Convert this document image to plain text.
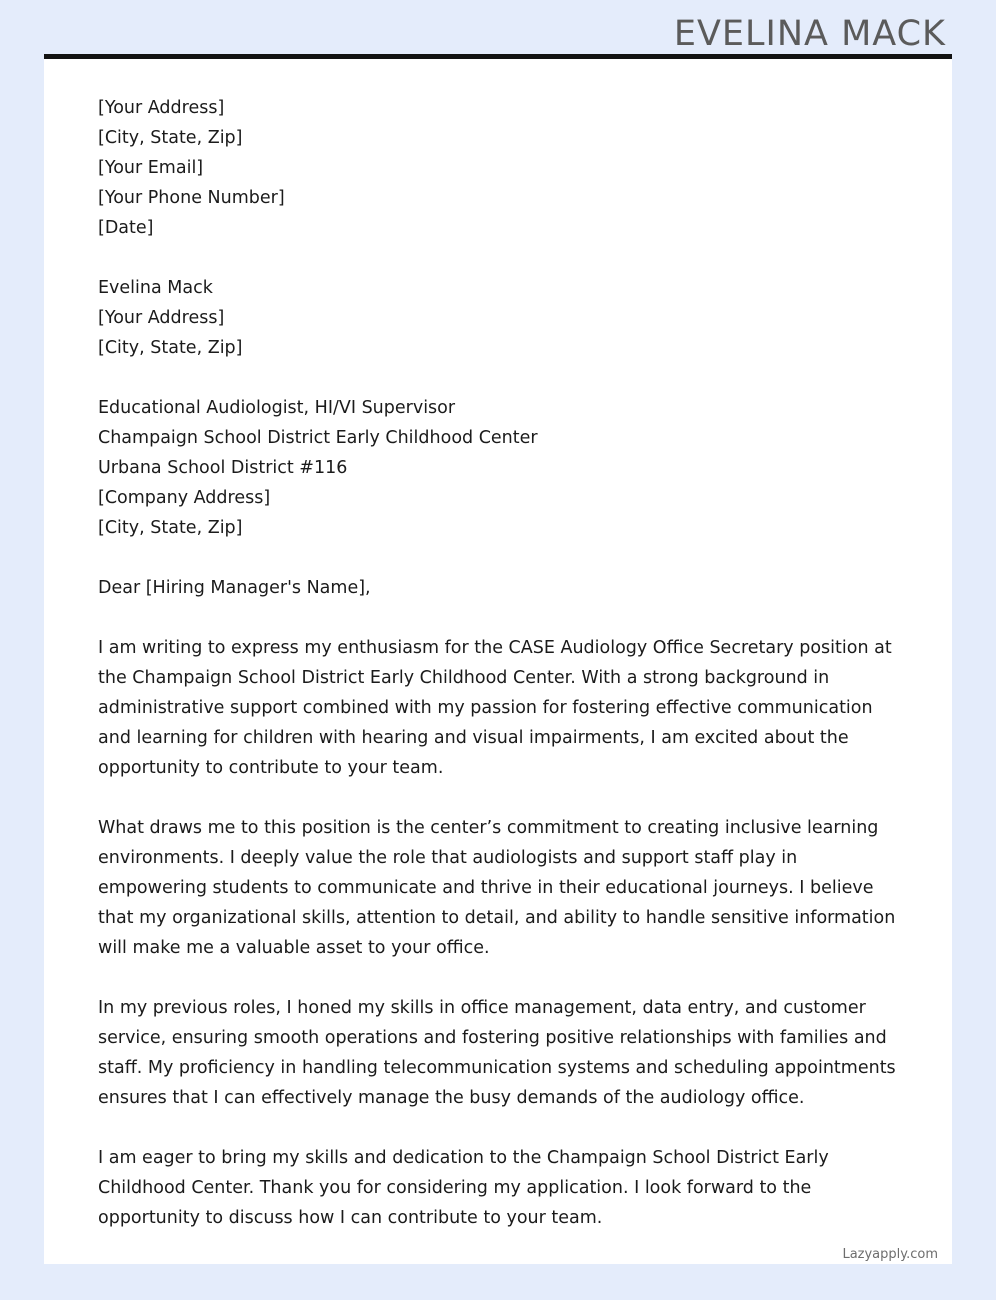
EVELINA MACK
[Your Address]
[City, State, Zip]
[Your Email]
[Your Phone Number]
[Date]
Evelina Mack
[Your Address]
[City, State, Zip]
Educational Audiologist, HI/VI Supervisor
Champaign School District Early Childhood Center
Urbana School District #116
[Company Address]
[City, State, Zip]
Dear [Hiring Manager's Name],

I am writing to express my enthusiasm for the CASE Audiology Office Secretary position at the Champaign School District Early Childhood Center. With a strong background in administrative support combined with my passion for fostering effective communication and learning for children with hearing and visual impairments, I am excited about the opportunity to contribute to your team.

What draws me to this position is the center’s commitment to creating inclusive learning environments. I deeply value the role that audiologists and support staff play in empowering students to communicate and thrive in their educational journeys. I believe that my organizational skills, attention to detail, and ability to handle sensitive information will make me a valuable asset to your office.

In my previous roles, I honed my skills in office management, data entry, and customer service, ensuring smooth operations and fostering positive relationships with families and staff. My proficiency in handling telecommunication systems and scheduling appointments ensures that I can effectively manage the busy demands of the audiology office.

I am eager to bring my skills and dedication to the Champaign School District Early Childhood Center. Thank you for considering my application. I look forward to the opportunity to discuss how I can contribute to your team.

Lazyapply.com
